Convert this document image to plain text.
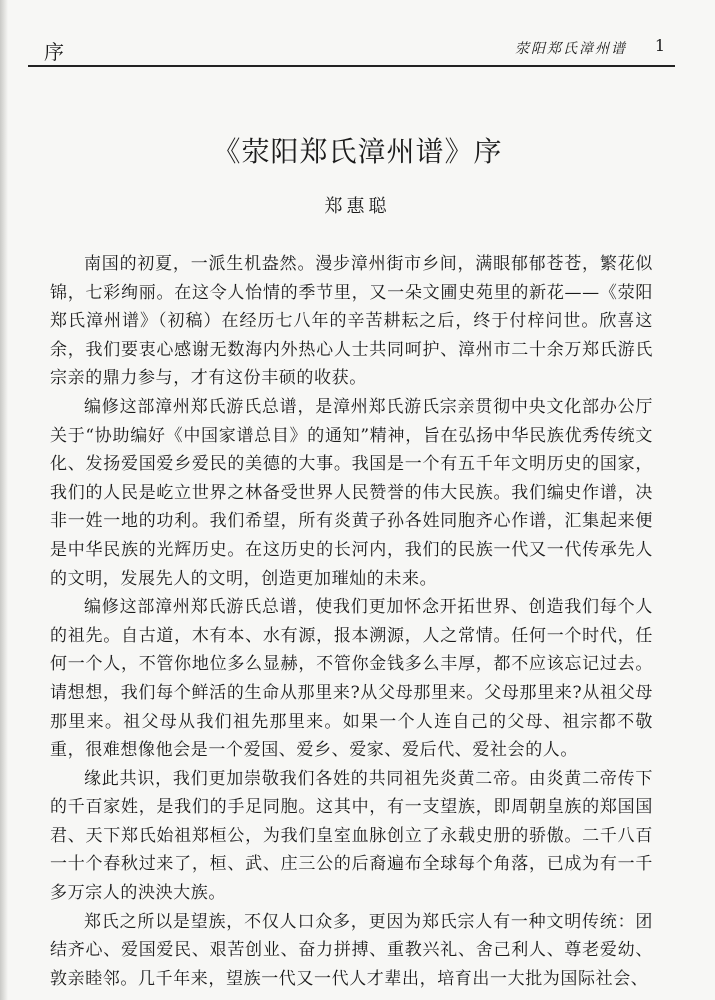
序	荥阳郑氏漳州谱 1
《荥阳郑氏漳州谱》序
郑惠聪

南国的初夏，一派生机盎然。漫步漳州街市乡间，满眼郁郁苍苍，繁花似锦，七彩绚丽。在这令人怡情的季节里，又一朵文圃史苑里的新花——《荥阳郑氏漳州谱》（初稿）在经历七八年的辛苦耕耘之后，终于付梓问世。欣喜这余，我们要衷心感谢无数海内外热心人士共同呵护、漳州市二十余万郑氏游氏宗亲的鼎力参与，才有这份丰硕的收获。

编修这部漳州郑氏游氏总谱，是漳州郑氏游氏宗亲贯彻中央文化部办公厅关于“协助编好《中国家谱总目》的通知”精神，旨在弘扬中华民族优秀传统文化、发扬爱国爱乡爱民的美德的大事。我国是一个有五千年文明历史的国家，我们的人民是屹立世界之林备受世界人民赞誉的伟大民族。我们编史作谱，决非一姓一地的功利。我们希望，所有炎黄子孙各姓同胞齐心作谱，汇集起来便是中华民族的光辉历史。在这历史的长河内，我们的民族一代又一代传承先人的文明，发展先人的文明，创造更加璀灿的未来。

编修这部漳州郑氏游氏总谱，使我们更加怀念开拓世界、创造我们每个人的祖先。自古道，木有本、水有源，报本溯源，人之常情。任何一个时代，任何一个人，不管你地位多么显赫，不管你金钱多么丰厚，都不应该忘记过去。请想想，我们每个鲜活的生命从那里来?从父母那里来。父母那里来?从祖父母那里来。祖父母从我们祖先那里来。如果一个人连自己的父母、祖宗都不敬重，很难想像他会是一个爱国、爱乡、爱家、爱后代、爱社会的人。

缘此共识，我们更加崇敬我们各姓的共同祖先炎黄二帝。由炎黄二帝传下的千百家姓，是我们的手足同胞。这其中，有一支望族，即周朝皇族的郑国国君、天下郑氏始祖郑桓公，为我们皇室血脉创立了永载史册的骄傲。二千八百一十个春秋过来了，桓、武、庄三公的后裔遍布全球每个角落，已成为有一千多万宗人的泱泱大族。

郑氏之所以是望族，不仅人口众多，更因为郑氏宗人有一种文明传统：团结齐心、爱国爱民、艰苦创业、奋力拼搏、重教兴礼、舍己利人、尊老爱幼、敦亲睦邻。几千年来，望族一代又一代人才辈出，培育出一大批为国际社会、
